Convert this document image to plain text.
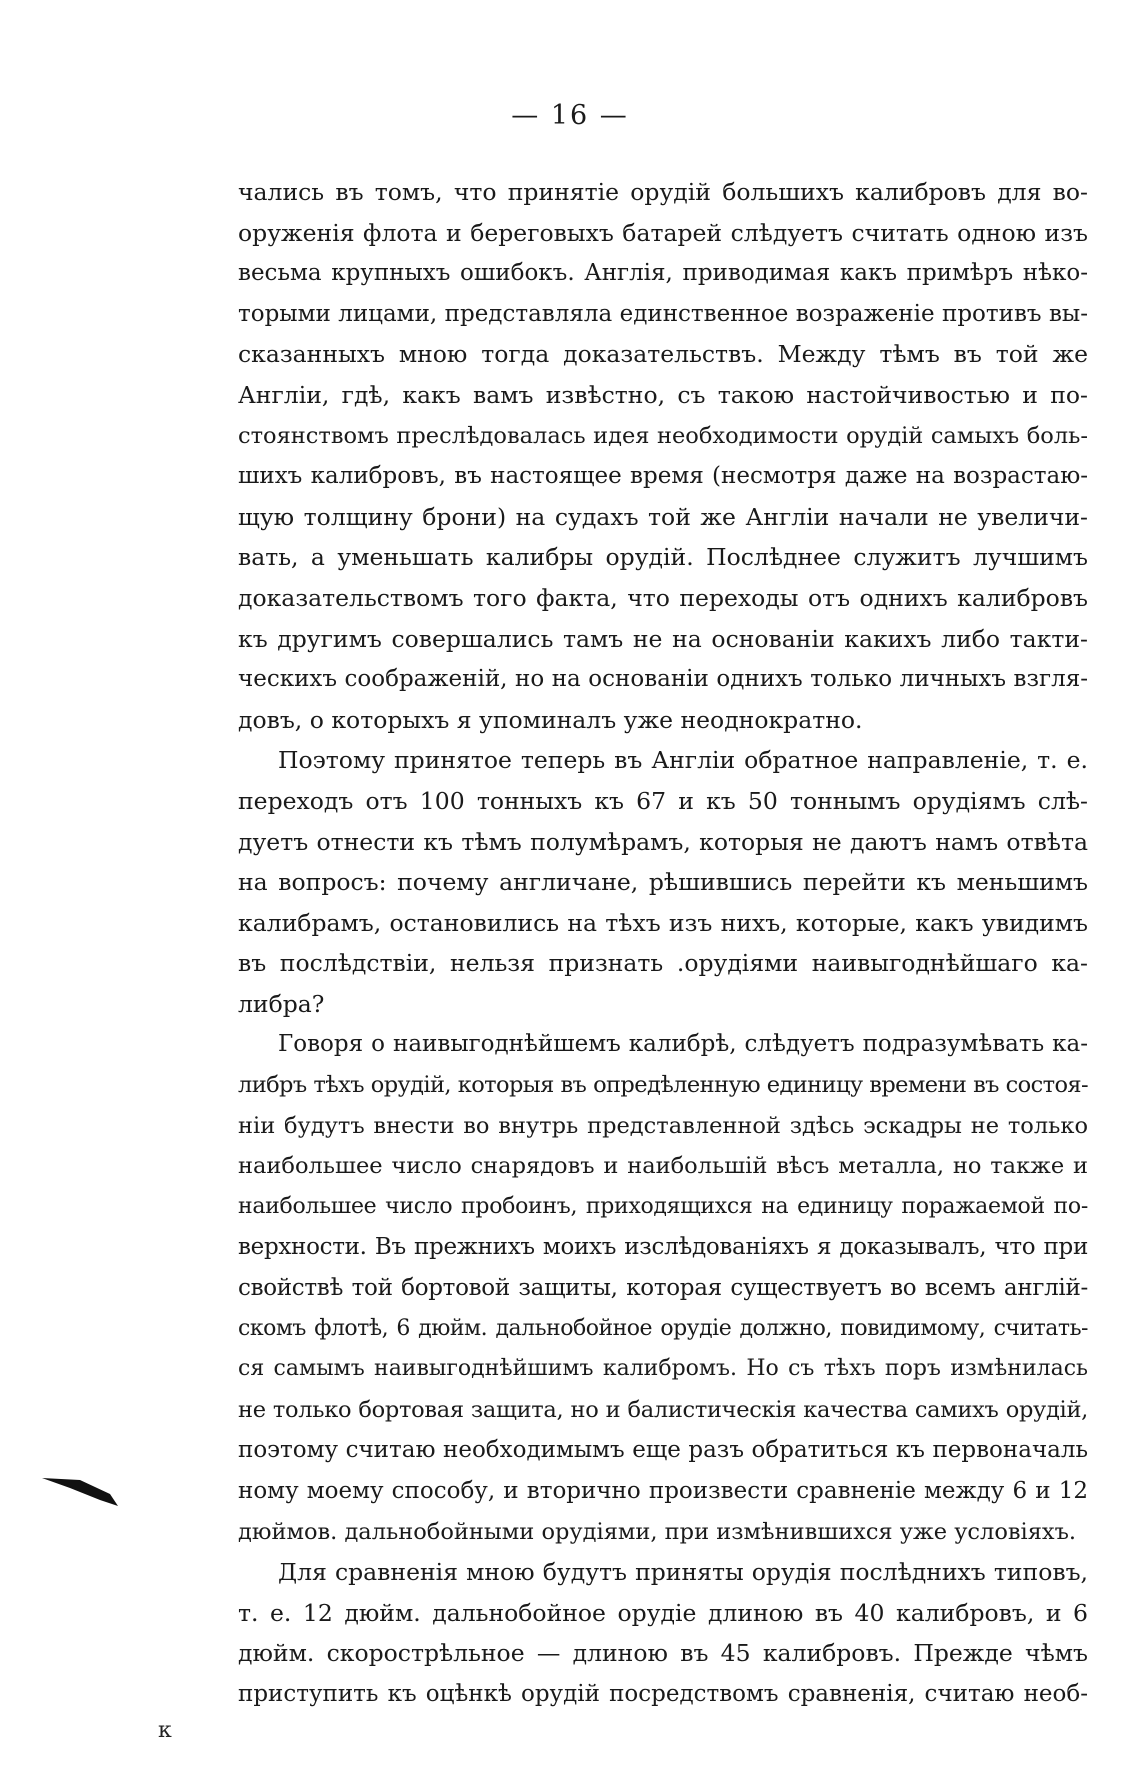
— 16 —
чались въ томъ, что принятіе орудій большихъ калибровъ для во-
оруженія флота и береговыхъ батарей слѣдуетъ считать одною изъ
весьма крупныхъ ошибокъ. Англія, приводимая какъ примѣръ нѣко-
торыми лицами, представляла единственное возраженіе противъ вы-
сказанныхъ мною тогда доказательствъ. Между тѣмъ въ той же
Англіи, гдѣ, какъ вамъ извѣстно, съ такою настойчивостью и по-
стоянствомъ преслѣдовалась идея необходимости орудій самыхъ боль-
шихъ калибровъ, въ настоящее время (несмотря даже на возрастаю-
щую толщину брони) на судахъ той же Англіи начали не увеличи-
вать, а уменьшать калибры орудій. Послѣднее служитъ лучшимъ
доказательствомъ того факта, что переходы отъ однихъ калибровъ
къ другимъ совершались тамъ не на основаніи какихъ либо такти-
ческихъ соображеній, но на основаніи однихъ только личныхъ взгля-
довъ, о которыхъ я упоминалъ уже неоднократно.
Поэтому принятое теперь въ Англіи обратное направленіе, т. е.
переходъ отъ 100 тонныхъ къ 67 и къ 50 тоннымъ орудіямъ слѣ-
дуетъ отнести къ тѣмъ полумѣрамъ, которыя не даютъ намъ отвѣта
на вопросъ: почему англичане, рѣшившись перейти къ меньшимъ
калибрамъ, остановились на тѣхъ изъ нихъ, которые, какъ увидимъ
въ послѣдствіи, нельзя признать .орудіями наивыгоднѣйшаго ка-
либра?
Говоря о наивыгоднѣйшемъ калибрѣ, слѣдуетъ подразумѣвать ка-
либръ тѣхъ орудій, которыя въ опредѣленную единицу времени въ состоя-
ніи будутъ внести во внутрь представленной здѣсь эскадры не только
наибольшее число снарядовъ и наибольшій вѣсъ металла, но также и
наибольшее число пробоинъ, приходящихся на единицу поражаемой по-
верхности. Въ прежнихъ моихъ изслѣдованіяхъ я доказывалъ, что при
свойствѣ той бортовой защиты, которая существуетъ во всемъ англій-
скомъ флотѣ, 6 дюйм. дальнобойное орудіе должно, повидимому, считать-
ся самымъ наивыгоднѣйшимъ калибромъ. Но съ тѣхъ поръ измѣнилась
не только бортовая защита, но и балистическія качества самихъ орудій,
поэтому считаю необходимымъ еще разъ обратиться къ первоначаль
ному моему способу, и вторично произвести сравненіе между 6 и 12
дюймов. дальнобойными орудіями, при измѣнившихся уже условіяхъ.
Для сравненія мною будутъ приняты орудія послѣднихъ типовъ,
т. е. 12 дюйм. дальнобойное орудіе длиною въ 40 калибровъ, и 6
дюйм. скорострѣльное — длиною въ 45 калибровъ. Прежде чѣмъ
приступить къ оцѣнкѣ орудій посредствомъ сравненія, считаю необ-
к
